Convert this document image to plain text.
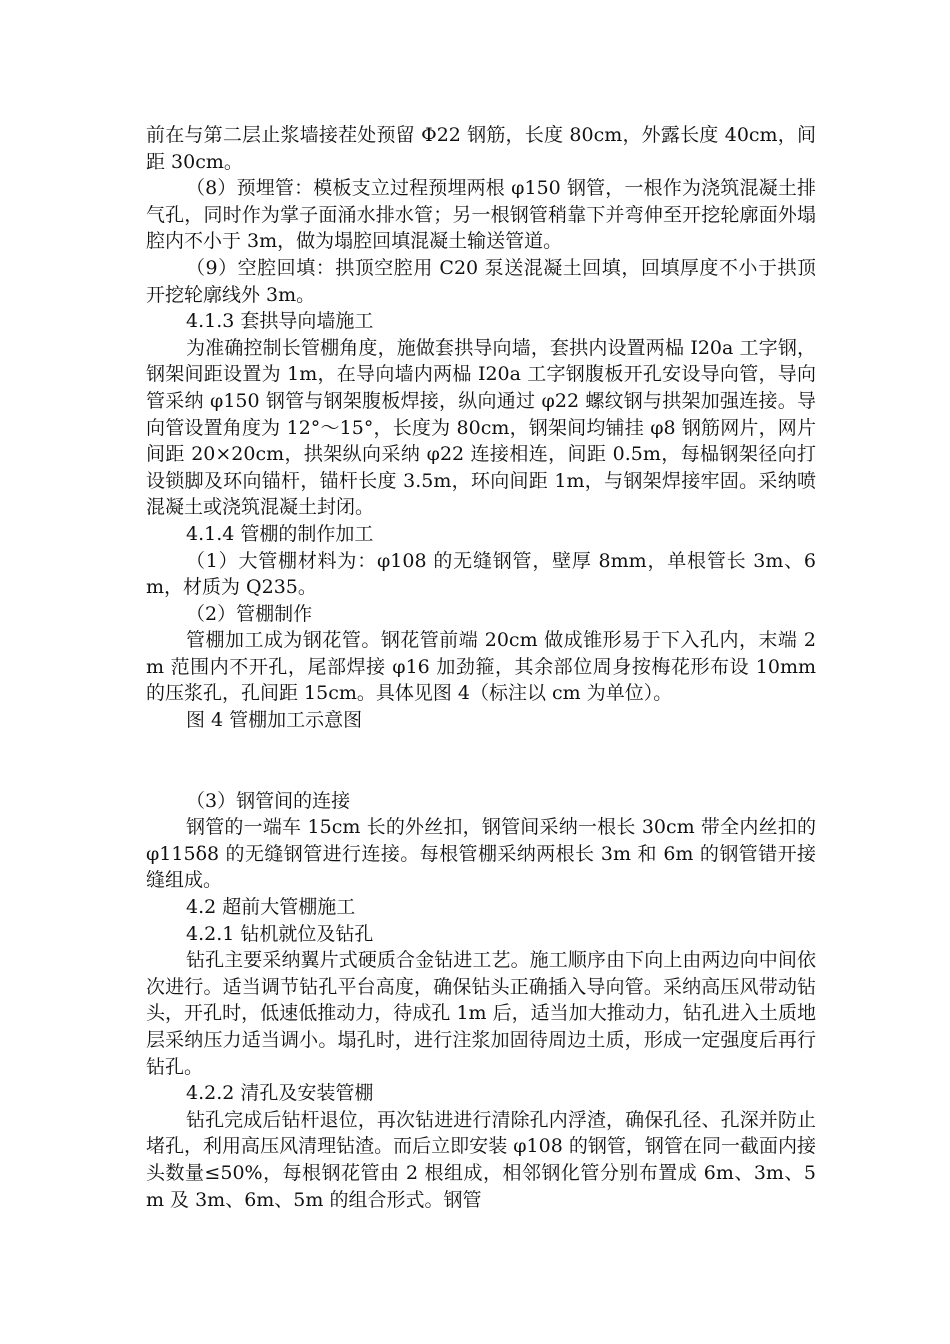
前在与第二层止浆墙接茬处预留 Φ22 钢筋，长度 80cm，外露长度 40cm，间距 30cm。

（8）预埋管：模板支立过程预埋两根 φ150 钢管，一根作为浇筑混凝土排气孔，同时作为掌子面涌水排水管；另一根钢管稍靠下并弯伸至开挖轮廓面外塌腔内不小于 3m，做为塌腔回填混凝土输送管道。

（9）空腔回填：拱顶空腔用 C20 泵送混凝土回填，回填厚度不小于拱顶开挖轮廓线外 3m。

4.1.3 套拱导向墙施工

为准确控制长管棚角度，施做套拱导向墙，套拱内设置两榀 I20a 工字钢，钢架间距设置为 1m，在导向墙内两榀 I20a 工字钢腹板开孔安设导向管，导向管采纳 φ150 钢管与钢架腹板焊接，纵向通过 φ22 螺纹钢与拱架加强连接。导向管设置角度为 12°～15°，长度为 80cm，钢架间均铺挂 φ8 钢筋网片，网片间距 20×20cm，拱架纵向采纳 φ22 连接相连，间距 0.5m，每榀钢架径向打设锁脚及环向锚杆，锚杆长度 3.5m，环向间距 1m，与钢架焊接牢固。采纳喷混凝土或浇筑混凝土封闭。

4.1.4 管棚的制作加工

（1）大管棚材料为：φ108 的无缝钢管，壁厚 8mm，单根管长 3m、6m，材质为 Q235。

（2）管棚制作

管棚加工成为钢花管。钢花管前端 20cm 做成锥形易于下入孔内，末端 2m 范围内不开孔，尾部焊接 φ16 加劲箍，其余部位周身按梅花形布设 10mm 的压浆孔，孔间距 15cm。具体见图 4（标注以 cm 为单位）。

图 4 管棚加工示意图

（3）钢管间的连接

钢管的一端车 15cm 长的外丝扣，钢管间采纳一根长 30cm 带全内丝扣的 φ115δ8 的无缝钢管进行连接。每根管棚采纳两根长 3m 和 6m 的钢管错开接缝组成。

4.2 超前大管棚施工

4.2.1 钻机就位及钻孔

钻孔主要采纳翼片式硬质合金钻进工艺。施工顺序由下向上由两边向中间依次进行。适当调节钻孔平台高度，确保钻头正确插入导向管。采纳高压风带动钻头，开孔时，低速低推动力，待成孔 1m 后，适当加大推动力，钻孔进入土质地层采纳压力适当调小。塌孔时，进行注浆加固待周边土质，形成一定强度后再行钻孔。

4.2.2 清孔及安装管棚

钻孔完成后钻杆退位，再次钻进进行清除孔内浮渣，确保孔径、孔深并防止堵孔，利用高压风清理钻渣。而后立即安装 φ108 的钢管，钢管在同一截面内接头数量≤50%，每根钢花管由 2 根组成，相邻钢化管分别布置成 6m、3m、5m 及 3m、6m、5m 的组合形式。钢管
